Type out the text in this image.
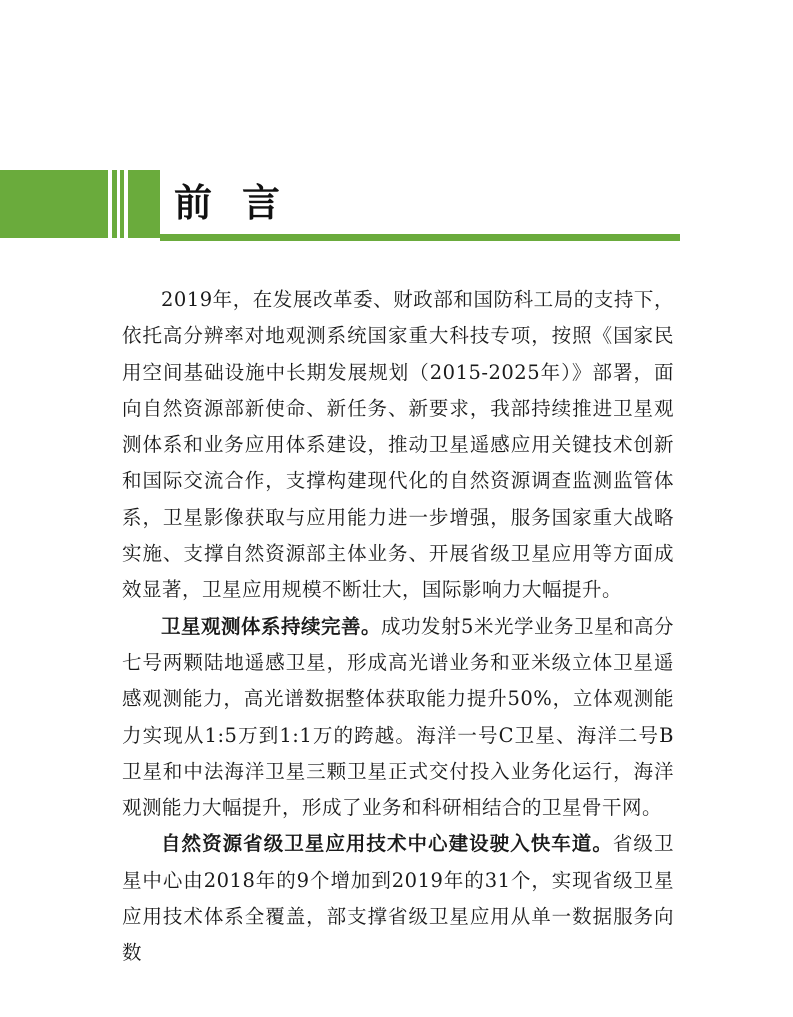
前言

2019年，在发展改革委、财政部和国防科工局的支持下，依托高分辨率对地观测系统国家重大科技专项，按照《国家民用空间基础设施中长期发展规划（2015-2025年）》部署，面向自然资源部新使命、新任务、新要求，我部持续推进卫星观测体系和业务应用体系建设，推动卫星遥感应用关键技术创新和国际交流合作，支撑构建现代化的自然资源调查监测监管体系，卫星影像获取与应用能力进一步增强，服务国家重大战略实施、支撑自然资源部主体业务、开展省级卫星应用等方面成效显著，卫星应用规模不断壮大，国际影响力大幅提升。

卫星观测体系持续完善。成功发射5米光学业务卫星和高分七号两颗陆地遥感卫星，形成高光谱业务和亚米级立体卫星遥感观测能力，高光谱数据整体获取能力提升50%，立体观测能力实现从1:5万到1:1万的跨越。海洋一号C卫星、海洋二号B卫星和中法海洋卫星三颗卫星正式交付投入业务化运行，海洋观测能力大幅提升，形成了业务和科研相结合的卫星骨干网。

自然资源省级卫星应用技术中心建设驶入快车道。省级卫星中心由2018年的9个增加到2019年的31个，实现省级卫星应用技术体系全覆盖，部支撑省级卫星应用从单一数据服务向数
